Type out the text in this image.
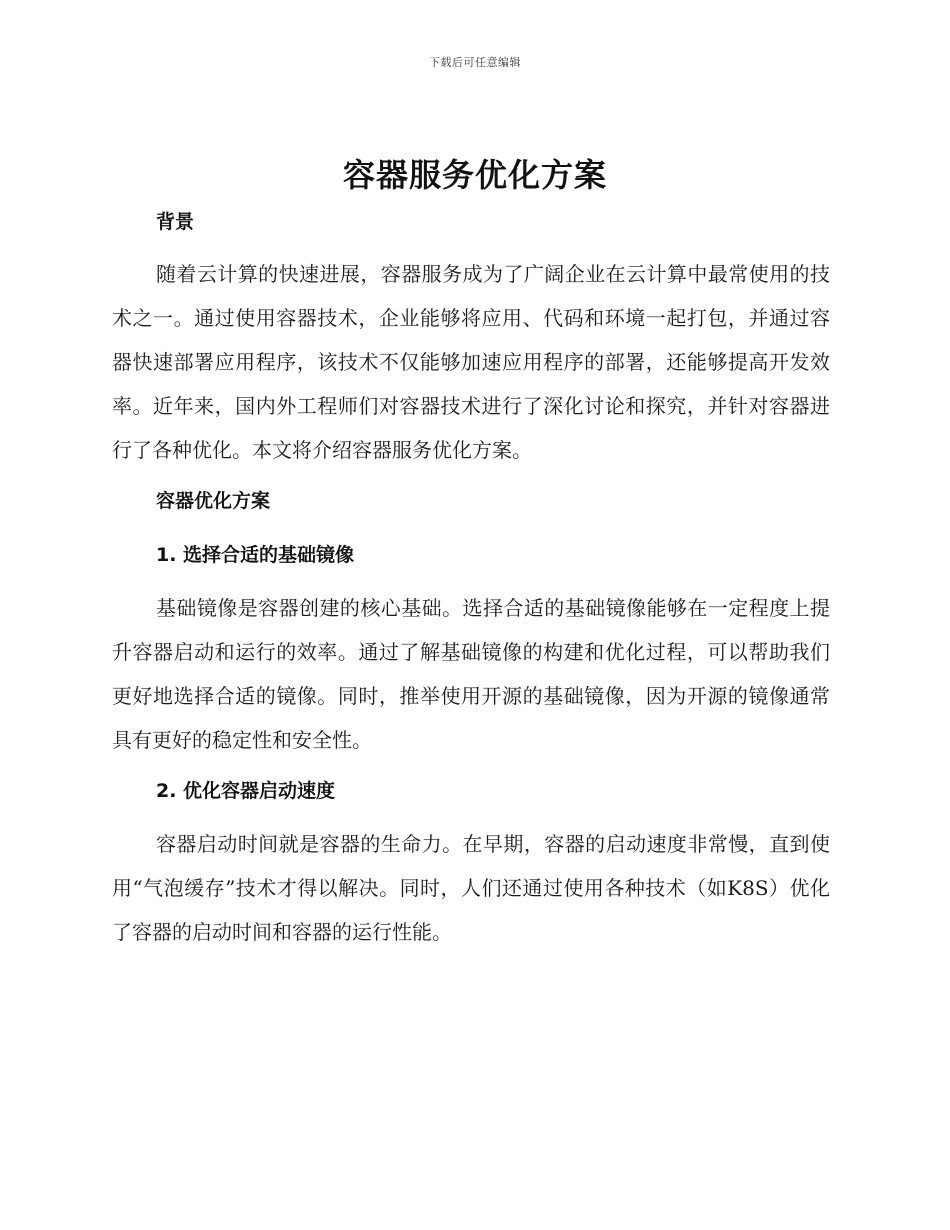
下载后可任意编辑
容器服务优化方案
背景

随着云计算的快速进展，容器服务成为了广阔企业在云计算中最常使用的技术之一。通过使用容器技术，企业能够将应用、代码和环境一起打包，并通过容器快速部署应用程序，该技术不仅能够加速应用程序的部署，还能够提高开发效率。近年来，国内外工程师们对容器技术进行了深化讨论和探究，并针对容器进行了各种优化。本文将介绍容器服务优化方案。

容器优化方案
1. 选择合适的基础镜像

基础镜像是容器创建的核心基础。选择合适的基础镜像能够在一定程度上提升容器启动和运行的效率。通过了解基础镜像的构建和优化过程，可以帮助我们更好地选择合适的镜像。同时，推举使用开源的基础镜像，因为开源的镜像通常具有更好的稳定性和安全性。

2. 优化容器启动速度

容器启动时间就是容器的生命力。在早期，容器的启动速度非常慢，直到使用“气泡缓存”技术才得以解决。同时，人们还通过使用各种技术（如K8S）优化了容器的启动时间和容器的运行性能。
